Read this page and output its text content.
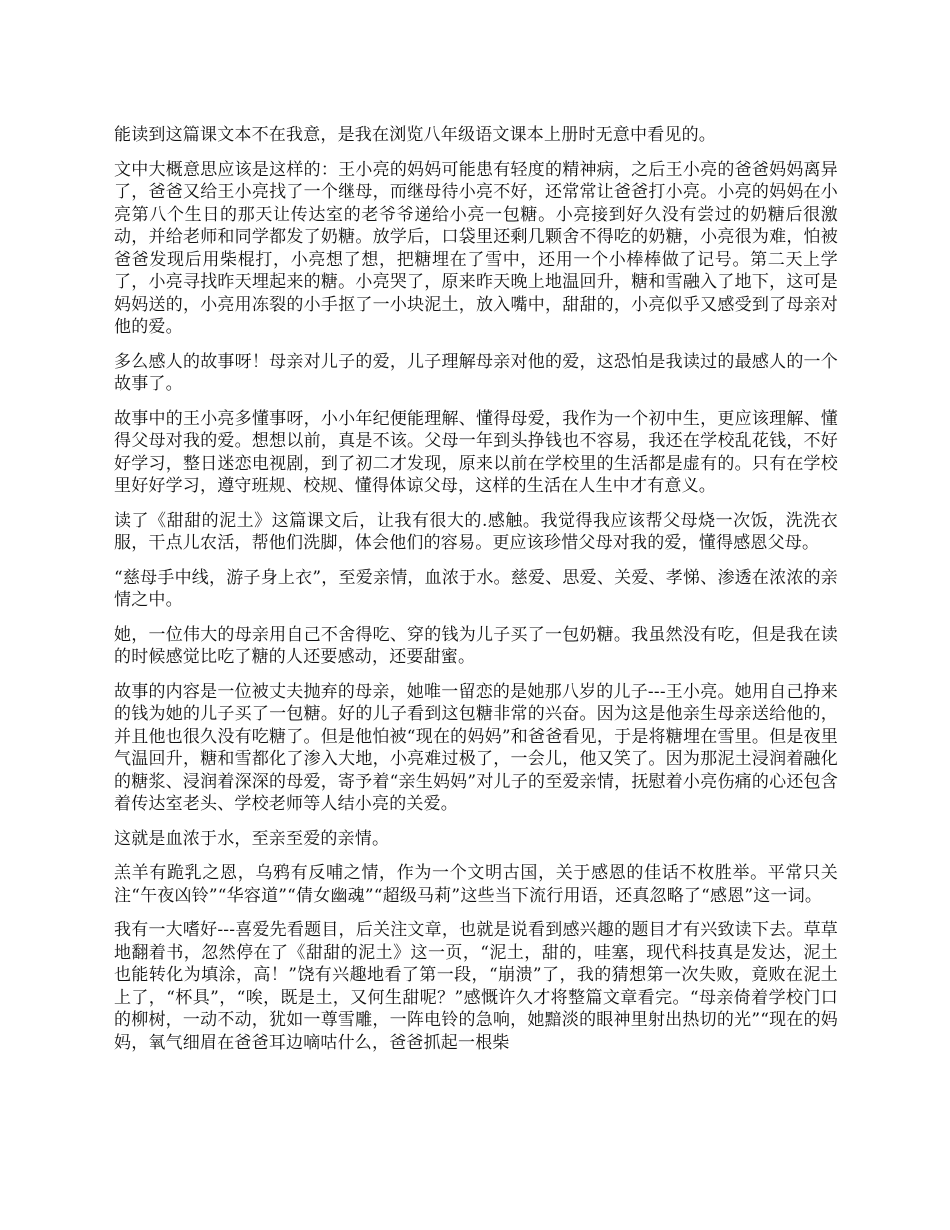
能读到这篇课文本不在我意，是我在浏览八年级语文课本上册时无意中看见的。

文中大概意思应该是这样的：王小亮的妈妈可能患有轻度的精神病，之后王小亮的爸爸妈妈离异了，爸爸又给王小亮找了一个继母，而继母待小亮不好，还常常让爸爸打小亮。小亮的妈妈在小亮第八个生日的那天让传达室的老爷爷递给小亮一包糖。小亮接到好久没有尝过的奶糖后很激动，并给老师和同学都发了奶糖。放学后，口袋里还剩几颗舍不得吃的奶糖，小亮很为难，怕被爸爸发现后用柴棍打，小亮想了想，把糖埋在了雪中，还用一个小棒棒做了记号。第二天上学了，小亮寻找昨天埋起来的糖。小亮哭了，原来昨天晚上地温回升，糖和雪融入了地下，这可是妈妈送的，小亮用冻裂的小手抠了一小块泥土，放入嘴中，甜甜的，小亮似乎又感受到了母亲对他的爱。

多么感人的故事呀！母亲对儿子的爱，儿子理解母亲对他的爱，这恐怕是我读过的最感人的一个故事了。

故事中的王小亮多懂事呀，小小年纪便能理解、懂得母爱，我作为一个初中生，更应该理解、懂得父母对我的爱。想想以前，真是不该。父母一年到头挣钱也不容易，我还在学校乱花钱，不好好学习，整日迷恋电视剧，到了初二才发现，原来以前在学校里的生活都是虚有的。只有在学校里好好学习，遵守班规、校规、懂得体谅父母，这样的生活在人生中才有意义。

读了《甜甜的泥土》这篇课文后，让我有很大的.感触。我觉得我应该帮父母烧一次饭，洗洗衣服，干点儿农活，帮他们洗脚，体会他们的容易。更应该珍惜父母对我的爱，懂得感恩父母。

“慈母手中线，游子身上衣”，至爱亲情，血浓于水。慈爱、思爱、关爱、孝悌、渗透在浓浓的亲情之中。

她，一位伟大的母亲用自己不舍得吃、穿的钱为儿子买了一包奶糖。我虽然没有吃，但是我在读的时候感觉比吃了糖的人还要感动，还要甜蜜。

故事的内容是一位被丈夫抛弃的母亲，她唯一留恋的是她那八岁的儿子---王小亮。她用自己挣来的钱为她的儿子买了一包糖。好的儿子看到这包糖非常的兴奋。因为这是他亲生母亲送给他的，并且他也很久没有吃糖了。但是他怕被“现在的妈妈”和爸爸看见，于是将糖埋在雪里。但是夜里气温回升，糖和雪都化了渗入大地，小亮难过极了，一会儿，他又笑了。因为那泥土浸润着融化的糖浆、浸润着深深的母爱，寄予着“亲生妈妈”对儿子的至爱亲情，抚慰着小亮伤痛的心还包含着传达室老头、学校老师等人结小亮的关爱。

这就是血浓于水，至亲至爱的亲情。

羔羊有跪乳之恩，乌鸦有反哺之情，作为一个文明古国，关于感恩的佳话不枚胜举。平常只关注“午夜凶铃”“华容道”“倩女幽魂”“超级马莉”这些当下流行用语，还真忽略了“感恩”这一词。

我有一大嗜好---喜爱先看题目，后关注文章，也就是说看到感兴趣的题目才有兴致读下去。草草地翻着书，忽然停在了《甜甜的泥土》这一页，“泥土，甜的，哇塞，现代科技真是发达，泥土也能转化为填涂，高！”饶有兴趣地看了第一段，“崩溃”了，我的猜想第一次失败，竟败在泥土上了，“杯具”，“唉，既是土，又何生甜呢？”感慨许久才将整篇文章看完。“母亲倚着学校门口的柳树，一动不动，犹如一尊雪雕，一阵电铃的急响，她黯淡的眼神里射出热切的光”“现在的妈妈，氧气细眉在爸爸耳边嘀咕什么，爸爸抓起一根柴
